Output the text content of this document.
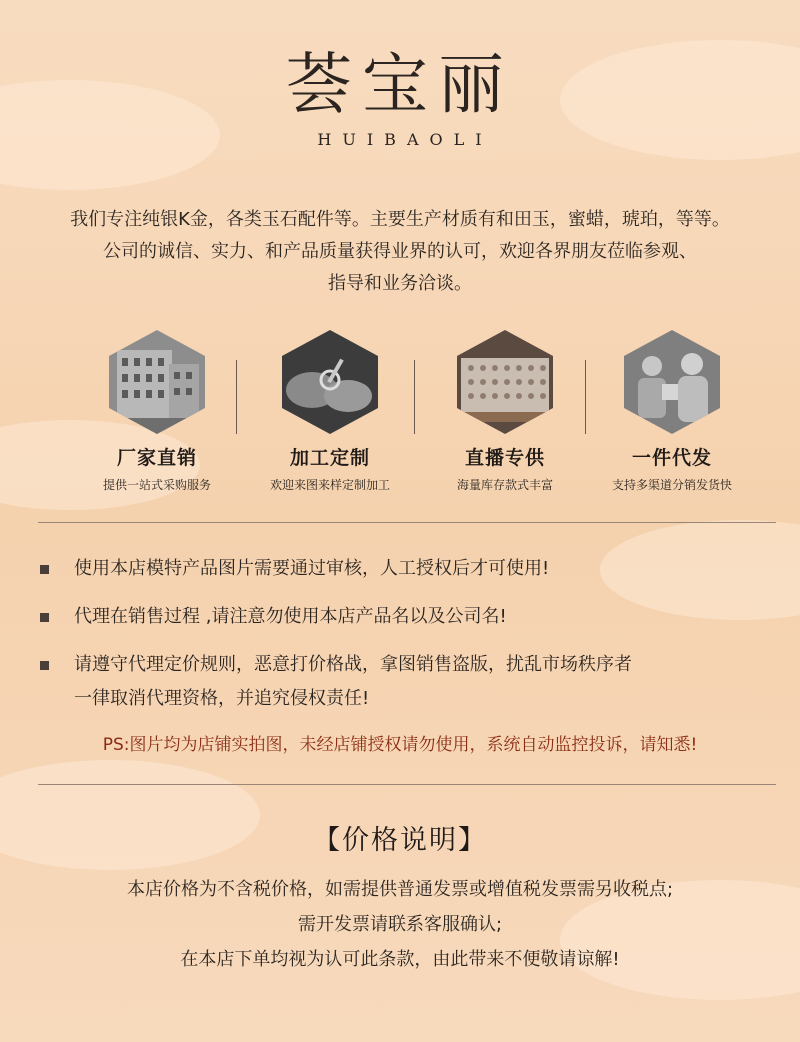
荟宝丽
HUIBAOLI
我们专注纯银K金，各类玉石配件等。主要生产材质有和田玉，蜜蜡，琥珀，等等。
公司的诚信、实力、和产品质量获得业界的认可，欢迎各界朋友莅临参观、
指导和业务洽谈。
厂家直销
提供一站式采购服务
加工定制
欢迎来图来样定制加工
直播专供
海量库存款式丰富
一件代发
支持多渠道分销发货快
使用本店模特产品图片需要通过审核，人工授权后才可使用!
代理在销售过程 ,请注意勿使用本店产品名以及公司名!
请遵守代理定价规则，恶意打价格战，拿图销售盗版，扰乱市场秩序者
一律取消代理资格，并追究侵权责任!
PS:图片均为店铺实拍图，未经店铺授权请勿使用，系统自动监控投诉，请知悉!
【价格说明】
本店价格为不含税价格，如需提供普通发票或增值税发票需另收税点;
需开发票请联系客服确认;
在本店下单均视为认可此条款，由此带来不便敬请谅解!
